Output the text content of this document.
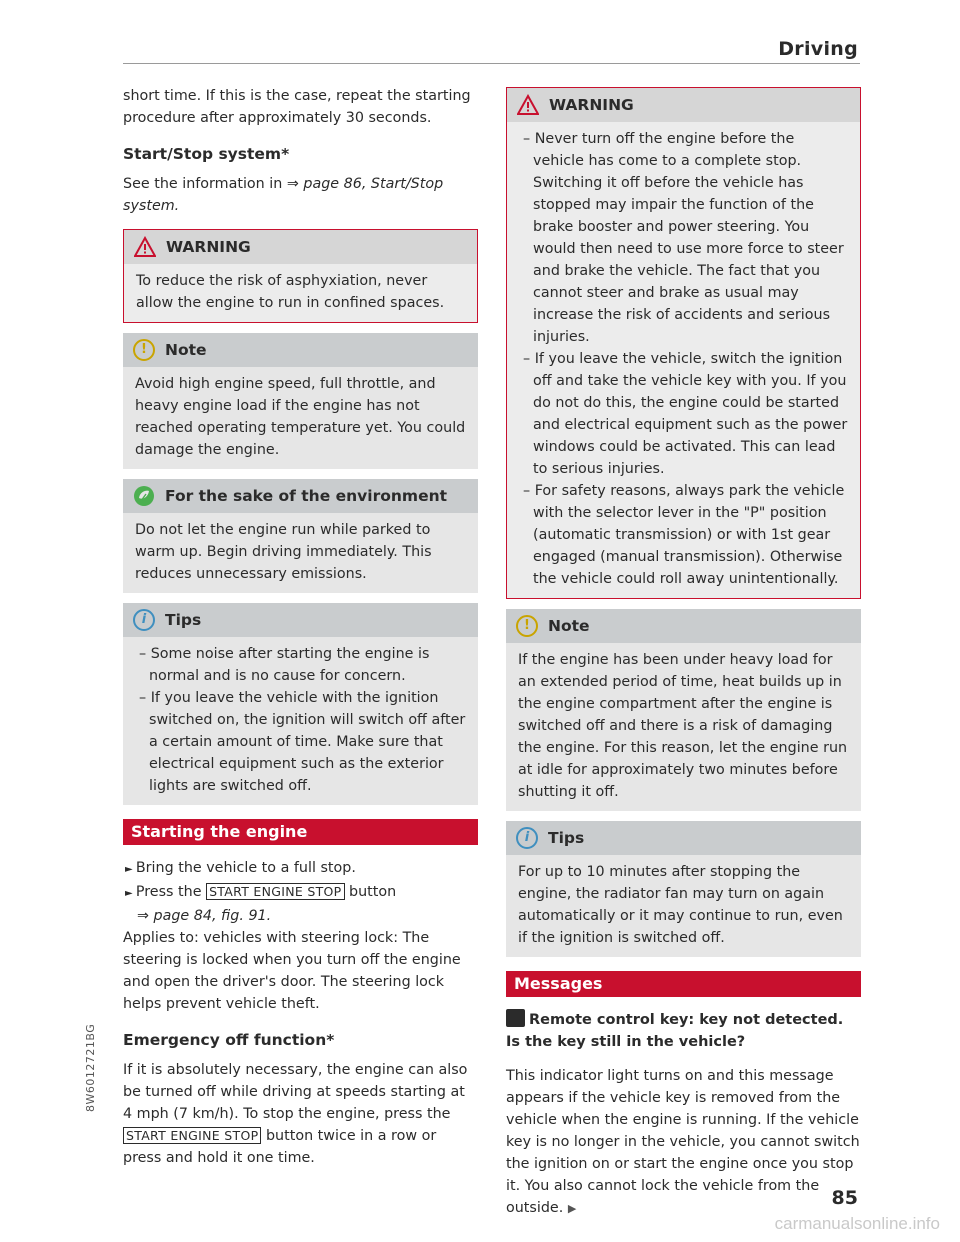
Driving

short time. If this is the case, repeat the starting procedure after approximately 30 seconds.

Start/Stop system*

See the information in ⇒ page 86, Start/Stop system.

WARNING

To reduce the risk of asphyxiation, never allow the engine to run in confined spaces.

!	Note

Avoid high engine speed, full throttle, and heavy engine load if the engine has not reached operating temperature yet. You could damage the engine.

For the sake of the environment

Do not let the engine run while parked to warm up. Begin driving immediately. This reduces unnecessary emissions.

i	Tips
– Some noise after starting the engine is normal and is no cause for concern.
– If you leave the vehicle with the ignition switched on, the ignition will switch off after a certain amount of time. Make sure that electrical equipment such as the exterior lights are switched off.
Starting the engine
► Bring the vehicle to a full stop.
► Press the START ENGINE STOP button
⇒ page 84, fig. 91.

Applies to: vehicles with steering lock: The steering is locked when you turn off the engine and open the driver's door. The steering lock helps prevent vehicle theft.

Emergency off function*

If it is absolutely necessary, the engine can also be turned off while driving at speeds starting at 4 mph (7 km/h). To stop the engine, press the START ENGINE STOP button twice in a row or press and hold it one time.

WARNING
– Never turn off the engine before the vehicle has come to a complete stop. Switching it off before the vehicle has stopped may impair the function of the brake booster and power steering. You would then need to use more force to steer and brake the vehicle. The fact that you cannot steer and brake as usual may increase the risk of accidents and serious injuries.
– If you leave the vehicle, switch the ignition off and take the vehicle key with you. If you do not do this, the engine could be started and electrical equipment such as the power windows could be activated. This can lead to serious injuries.
– For safety reasons, always park the vehicle with the selector lever in the "P" position (automatic transmission) or with 1st gear engaged (manual transmission). Otherwise the vehicle could roll away unintentionally.
!	Note

If the engine has been under heavy load for an extended period of time, heat builds up in the engine compartment after the engine is switched off and there is a risk of damaging the engine. For this reason, let the engine run at idle for approximately two minutes before shutting it off.

i	Tips

For up to 10 minutes after stopping the engine, the radiator fan may turn on again automatically or it may continue to run, even if the ignition is switched off.

Messages

Remote control key: key not detected. Is the key still in the vehicle?

This indicator light turns on and this message appears if the vehicle key is removed from the vehicle when the engine is running. If the vehicle key is no longer in the vehicle, you cannot switch the ignition on or start the engine once you stop it. You also cannot lock the vehicle from the outside. ▶	85
8W6012721BG
carmanualsonline.info
